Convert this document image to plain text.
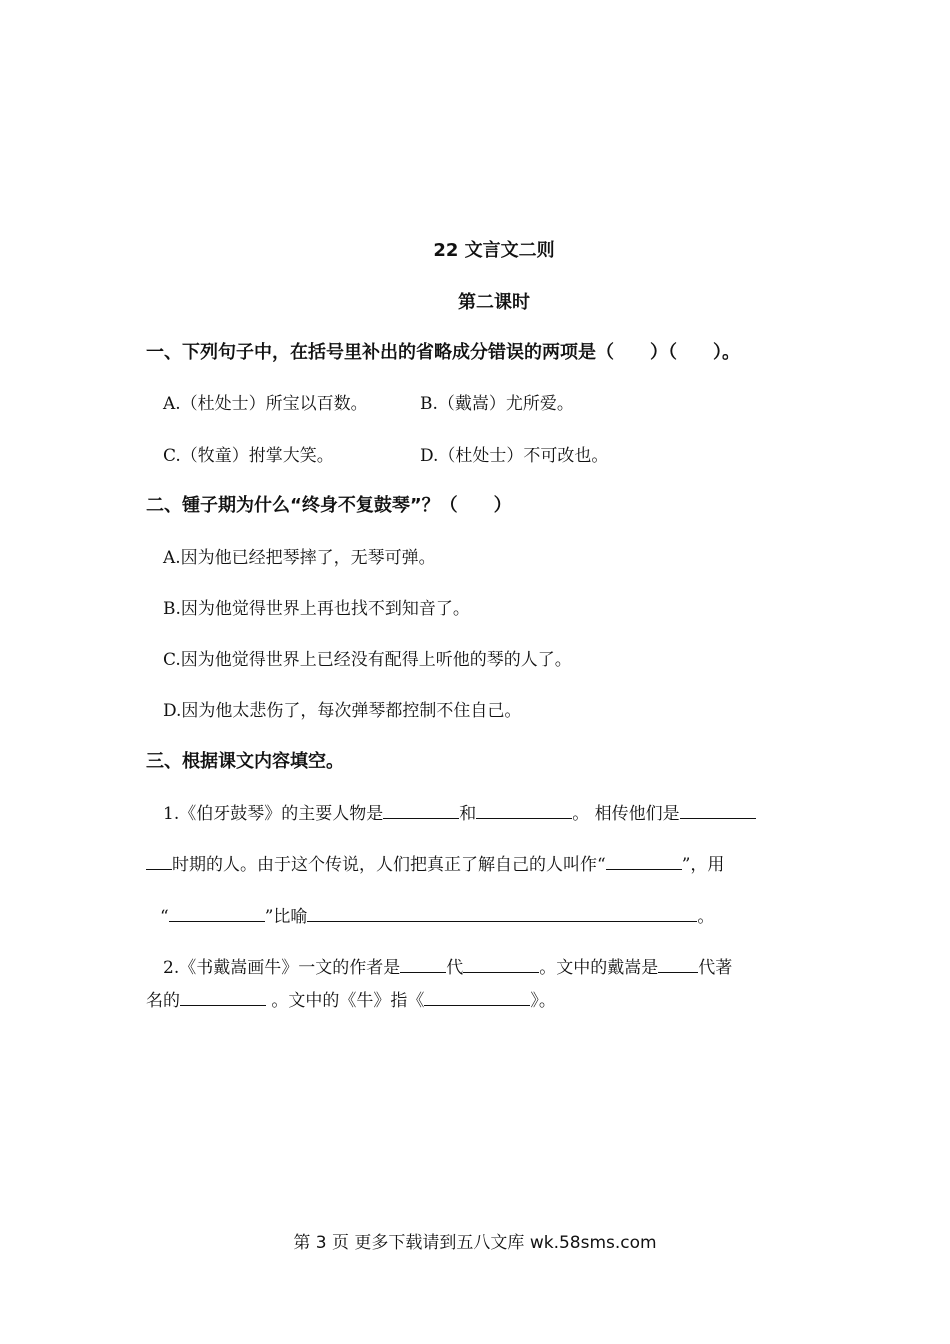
22 文言文二则
第二课时
一、下列句子中，在括号里补出的省略成分错误的两项是（　　）（　　）。
A.（杜处士）所宝以百数。	B.（戴嵩）尤所爱。
C.（牧童）拊掌大笑。	D.（杜处士）不可改也。
二、锺子期为什么“终身不复鼓琴”？（　　）
A.因为他已经把琴摔了，无琴可弹。
B.因为他觉得世界上再也找不到知音了。
C.因为他觉得世界上已经没有配得上听他的琴的人了。
D.因为他太悲伤了，每次弹琴都控制不住自己。
三、根据课文内容填空。
1.《伯牙鼓琴》的主要人物是	和	。 相传他们是
时期的人。由于这个传说，人们把真正了解自己的人叫作“	”，用
“	”比喻	。
2.《书戴嵩画牛》一文的作者是	代	。文中的戴嵩是 代著
名的	。文中的《牛》指《	》。
第 3 页 更多下载请到五八文库 wk.58sms.com
